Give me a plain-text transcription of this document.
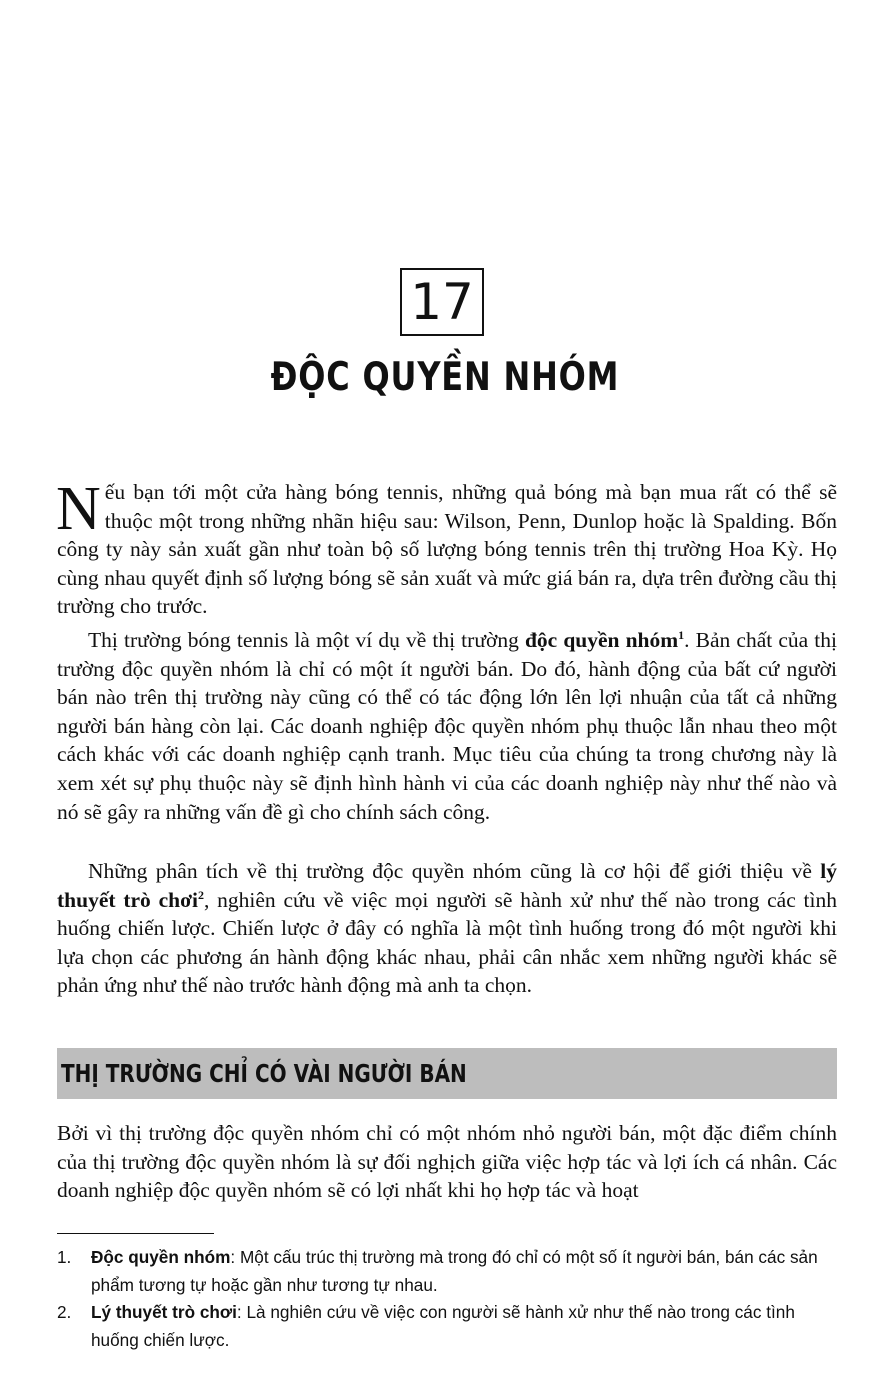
17
ĐỘC QUYỀN NHÓM

Nếu bạn tới một cửa hàng bóng tennis, những quả bóng mà bạn mua rất có thể sẽ thuộc một trong những nhãn hiệu sau: Wilson, Penn, Dunlop hoặc là Spalding. Bốn công ty này sản xuất gần như toàn bộ số lượng bóng tennis trên thị trường Hoa Kỳ. Họ cùng nhau quyết định số lượng bóng sẽ sản xuất và mức giá bán ra, dựa trên đường cầu thị trường cho trước.

Thị trường bóng tennis là một ví dụ về thị trường độc quyền nhóm$^1$. Bản chất của thị trường độc quyền nhóm là chỉ có một ít người bán. Do đó, hành động của bất cứ người bán nào trên thị trường này cũng có thể có tác động lớn lên lợi nhuận của tất cả những người bán hàng còn lại. Các doanh nghiệp độc quyền nhóm phụ thuộc lẫn nhau theo một cách khác với các doanh nghiệp cạnh tranh. Mục tiêu của chúng ta trong chương này là xem xét sự phụ thuộc này sẽ định hình hành vi của các doanh nghiệp này như thế nào và nó sẽ gây ra những vấn đề gì cho chính sách công.

Những phân tích về thị trường độc quyền nhóm cũng là cơ hội để giới thiệu về lý thuyết trò chơi$^2$, nghiên cứu về việc mọi người sẽ hành xử như thế nào trong các tình huống chiến lược. Chiến lược ở đây có nghĩa là một tình huống trong đó một người khi lựa chọn các phương án hành động khác nhau, phải cân nhắc xem những người khác sẽ phản ứng như thế nào trước hành động mà anh ta chọn.

THỊ TRƯỜNG CHỈ CÓ VÀI NGƯỜI BÁN

Bởi vì thị trường độc quyền nhóm chỉ có một nhóm nhỏ người bán, một đặc điểm chính của thị trường độc quyền nhóm là sự đối nghịch giữa việc hợp tác và lợi ích cá nhân. Các doanh nghiệp độc quyền nhóm sẽ có lợi nhất khi họ hợp tác và hoạt

1.	Độc quyền nhóm: Một cấu trúc thị trường mà trong đó chỉ có một số ít người bán, bán các sản phẩm tương tự hoặc gần như tương tự nhau.
2.	Lý thuyết trò chơi: Là nghiên cứu về việc con người sẽ hành xử như thế nào trong các tình huống chiến lược.
